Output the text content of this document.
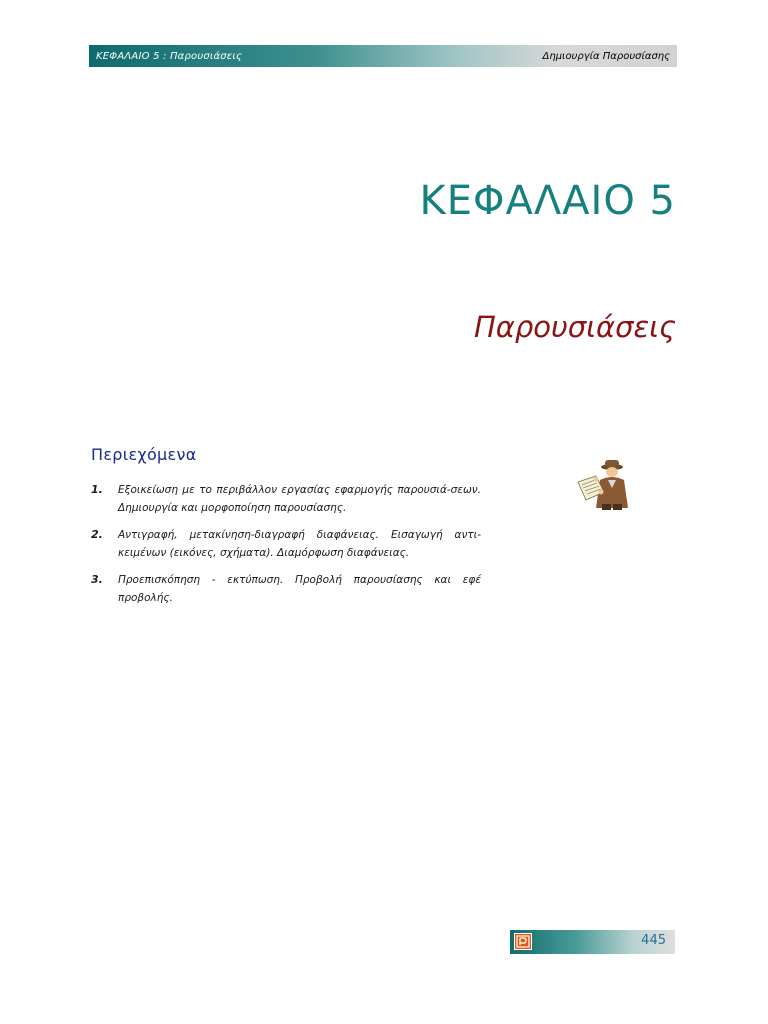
ΚΕΦΑΛΑΙΟ 5 : Παρουσιάσεις	Δημιουργία Παρουσίασης
ΚΕΦΑΛΑΙΟ 5
Παρουσιάσεις
Περιεχόμενα
1.	Εξοικείωση με το περιβάλλον εργασίας εφαρμογής παρουσιά-σεων. Δημιουργία και μορφοποίηση παρουσίασης.
2.	Αντιγραφή, μετακίνηση-διαγραφή διαφάνειας. Εισαγωγή αντι-κειμένων (εικόνες, σχήματα). Διαμόρφωση διαφάνειας.
3.	Προεπισκόπηση - εκτύπωση. Προβολή παρουσίασης και εφέ προβολής.
445
